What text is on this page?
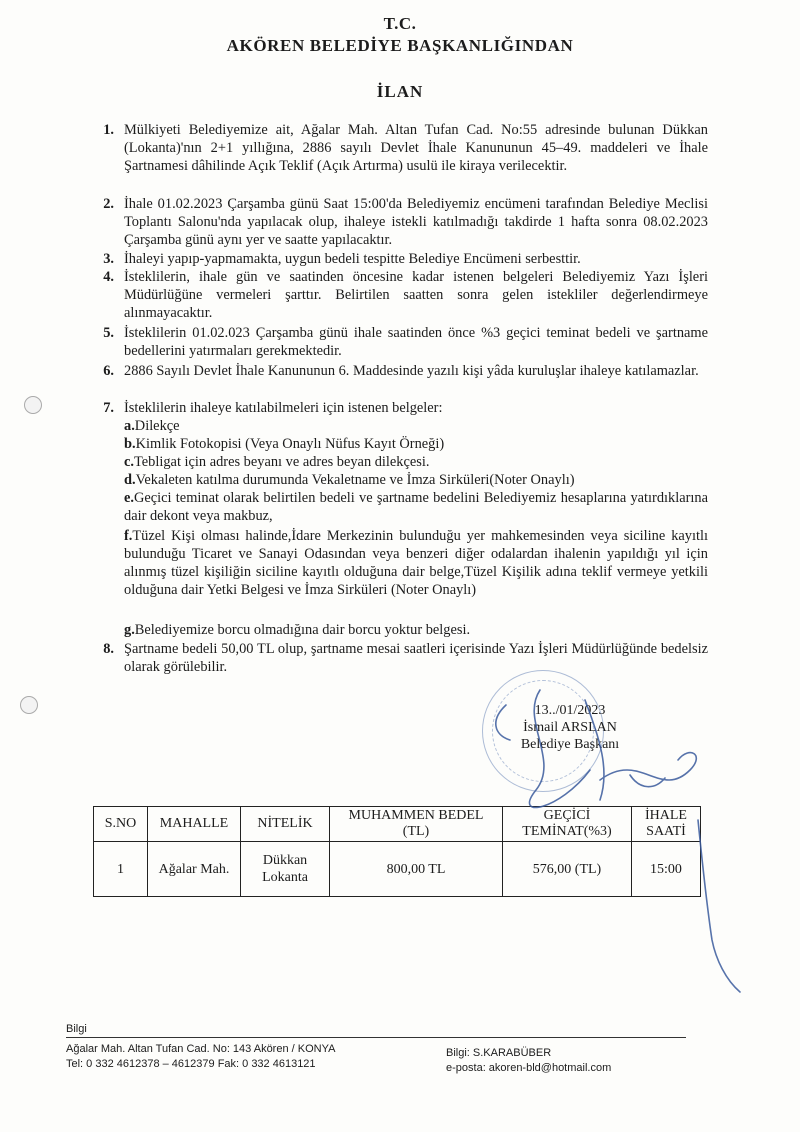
T.C.
AKÖREN BELEDİYE BAŞKANLIĞINDAN
İLAN
1. Mülkiyeti Belediyemize ait, Ağalar Mah. Altan Tufan Cad. No:55 adresinde bulunan Dükkan (Lokanta)'nın 2+1 yıllığına, 2886 sayılı Devlet İhale Kanununun 45–49. maddeleri ve İhale Şartnamesi dâhilinde Açık Teklif (Açık Artırma) usulü ile kiraya verilecektir.
2. İhale 01.02.2023 Çarşamba günü Saat 15:00'da Belediyemiz encümeni tarafından Belediye Meclisi Toplantı Salonu'nda yapılacak olup, ihaleye istekli katılmadığı takdirde 1 hafta sonra 08.02.2023 Çarşamba günü aynı yer ve saatte yapılacaktır.
3. İhaleyi yapıp-yapmamakta, uygun bedeli tespitte Belediye Encümeni serbesttir.
4. İsteklilerin, ihale gün ve saatinden öncesine kadar istenen belgeleri Belediyemiz Yazı İşleri Müdürlüğüne vermeleri şarttır. Belirtilen saatten sonra gelen istekliler değerlendirmeye alınmayacaktır.
5. İsteklilerin 01.02.023 Çarşamba günü ihale saatinden önce %3 geçici teminat bedeli ve şartname bedellerini yatırmaları gerekmektedir.
6. 2886 Sayılı Devlet İhale Kanununun 6. Maddesinde yazılı kişi yâda kuruluşlar ihaleye katılamazlar.
7. İsteklilerin ihaleye katılabilmeleri için istenen belgeler:
a.Dilekçe
b.Kimlik Fotokopisi (Veya Onaylı Nüfus Kayıt Örneği)
c.Tebligat için adres beyanı ve adres beyan dilekçesi.
d.Vekaleten katılma durumunda Vekaletname ve İmza Sirküleri(Noter Onaylı)
e.Geçici teminat olarak belirtilen bedeli ve şartname bedelini Belediyemiz hesaplarına yatırdıklarına dair dekont veya makbuz,
f.Tüzel Kişi olması halinde,İdare Merkezinin bulunduğu yer mahkemesinden veya siciline kayıtlı bulunduğu Ticaret ve Sanayi Odasından veya benzeri diğer odalardan ihalenin yapıldığı yıl için alınmış tüzel kişiliğin siciline kayıtlı olduğuna dair belge,Tüzel Kişilik adına teklif vermeye yetkili olduğuna dair Yetki Belgesi ve İmza Sirküleri (Noter Onaylı)
g.Belediyemize borcu olmadığına dair borcu yoktur belgesi.
8. Şartname bedeli 50,00 TL olup, şartname mesai saatleri içerisinde Yazı İşleri Müdürlüğünde bedelsiz olarak görülebilir.
13../01/2023
İsmail ARSLAN
Belediye Başkanı
S.NO	MAHALLE	NİTELİK	MUHAMMEN BEDEL (TL)	GEÇİCİ TEMİNAT(%3)	İHALE SAATİ
1	Ağalar Mah.	Dükkan Lokanta	800,00 TL	576,00 (TL)	15:00
Bilgi
Ağalar Mah. Altan Tufan Cad. No: 143 Akören / KONYA
Tel: 0 332 4612378 – 4612379 Fak: 0 332 4613121
Bilgi: S.KARABÜBER
e-posta: akoren-bld@hotmail.com
